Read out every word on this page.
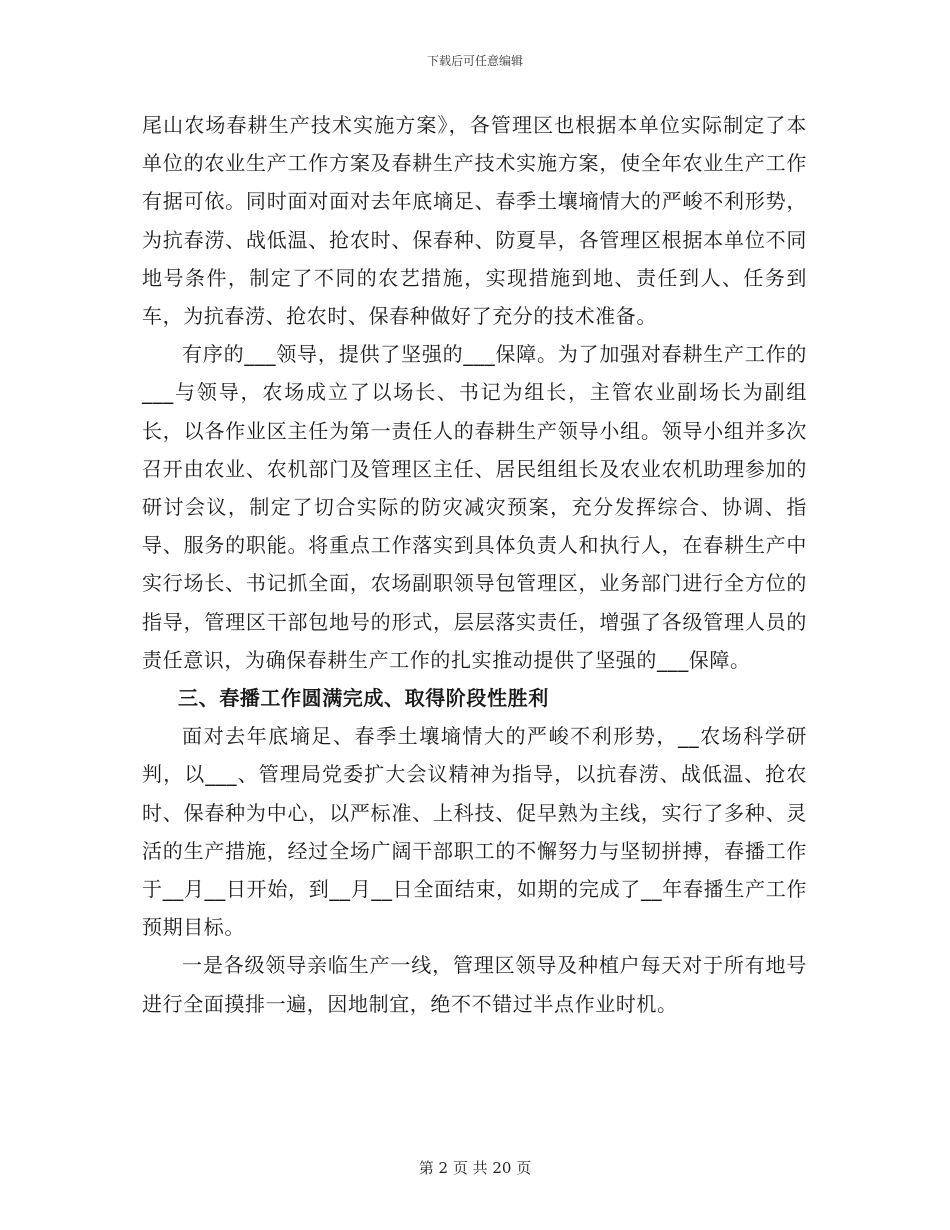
下载后可任意编辑

尾山农场春耕生产技术实施方案》，各管理区也根据本单位实际制定了本单位的农业生产工作方案及春耕生产技术实施方案，使全年农业生产工作有据可依。同时面对面对去年底墒足、春季土壤墒情大的严峻不利形势，为抗春涝、战低温、抢农时、保春种、防夏旱，各管理区根据本单位不同地号条件，制定了不同的农艺措施，实现措施到地、责任到人、任务到车，为抗春涝、抢农时、保春种做好了充分的技术准备。

有序的___领导，提供了坚强的___保障。为了加强对春耕生产工作的___与领导，农场成立了以场长、书记为组长，主管农业副场长为副组长，以各作业区主任为第一责任人的春耕生产领导小组。领导小组并多次召开由农业、农机部门及管理区主任、居民组组长及农业农机助理参加的研讨会议，制定了切合实际的防灾减灾预案，充分发挥综合、协调、指导、服务的职能。将重点工作落实到具体负责人和执行人，在春耕生产中实行场长、书记抓全面，农场副职领导包管理区，业务部门进行全方位的指导，管理区干部包地号的形式，层层落实责任，增强了各级管理人员的责任意识，为确保春耕生产工作的扎实推动提供了坚强的___保障。

三、春播工作圆满完成、取得阶段性胜利

面对去年底墒足、春季土壤墒情大的严峻不利形势，__农场科学研判，以___、管理局党委扩大会议精神为指导，以抗春涝、战低温、抢农时、保春种为中心，以严标准、上科技、促早熟为主线，实行了多种、灵活的生产措施，经过全场广阔干部职工的不懈努力与坚韧拼搏，春播工作于__月__日开始，到__月__日全面结束，如期的完成了__年春播生产工作预期目标。

一是各级领导亲临生产一线，管理区领导及种植户每天对于所有地号进行全面摸排一遍，因地制宜，绝不不错过半点作业时机。

第 2 页 共 20 页
